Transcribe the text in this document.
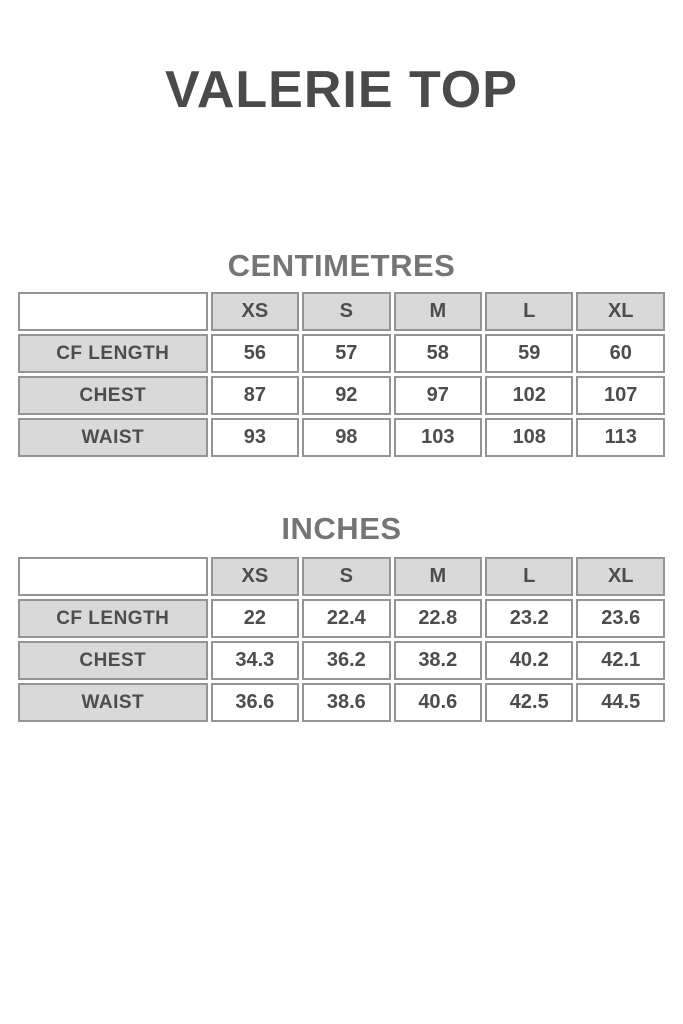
VALERIE TOP
CENTIMETRES
	XS	S	M	L	XL
CF LENGTH	56	57	58	59	60
CHEST	87	92	97	102	107
WAIST	93	98	103	108	113
INCHES
	XS	S	M	L	XL
CF LENGTH	22	22.4	22.8	23.2	23.6
CHEST	34.3	36.2	38.2	40.2	42.1
WAIST	36.6	38.6	40.6	42.5	44.5
